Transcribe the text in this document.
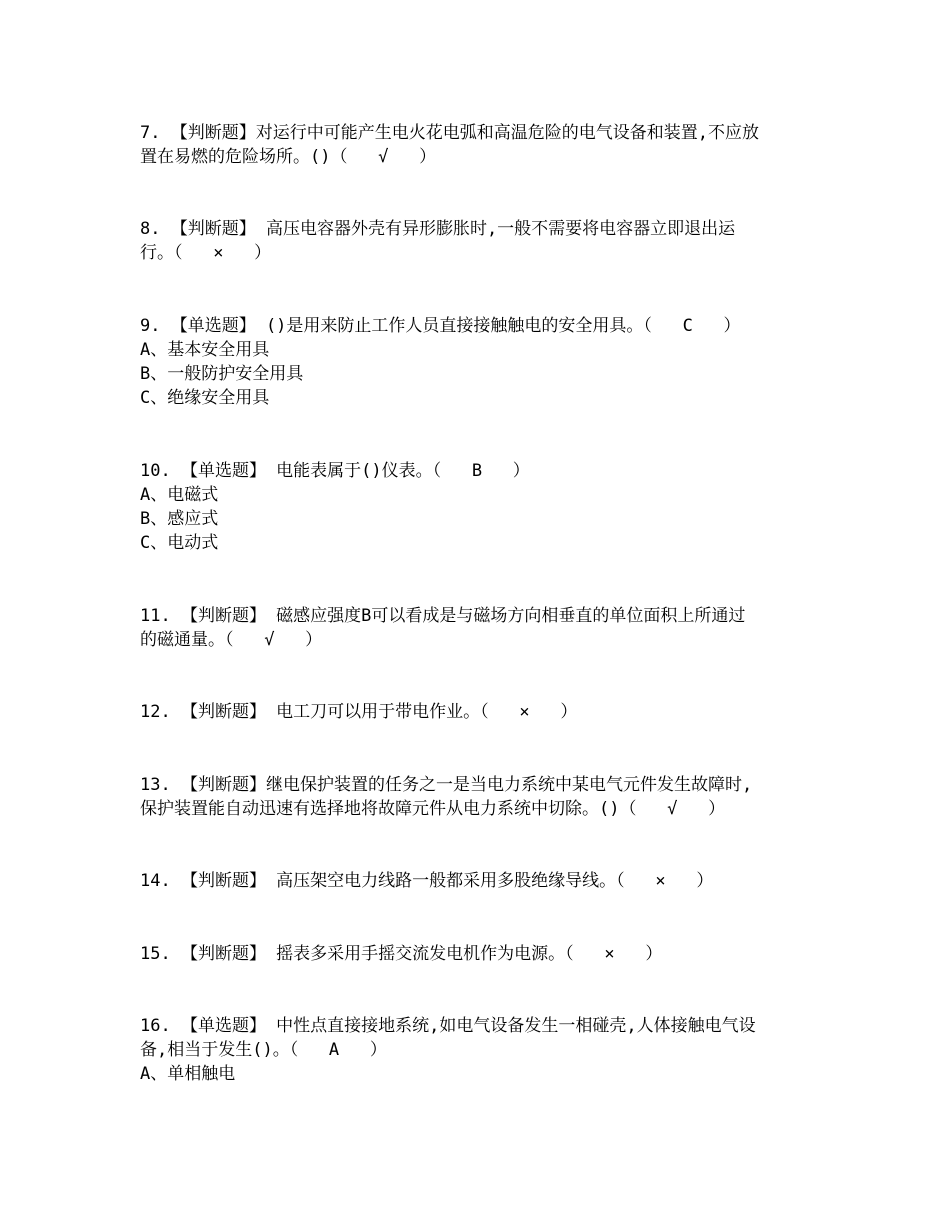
7. 【判断题】对运行中可能产生电火花电弧和高温危险的电气设备和装置,不应放
置在易燃的危险场所。()（   √   ）
8. 【判断题】 高压电容器外壳有异形膨胀时,一般不需要将电容器立即退出运
行。（   ×   ）
9. 【单选题】 ()是用来防止工作人员直接接触触电的安全用具。（   C   ）
A、基本安全用具
B、一般防护安全用具
C、绝缘安全用具
10. 【单选题】 电能表属于()仪表。（   B   ）
A、电磁式
B、感应式
C、电动式
11. 【判断题】 磁感应强度B可以看成是与磁场方向相垂直的单位面积上所通过
的磁通量。（   √   ）
12. 【判断题】 电工刀可以用于带电作业。（   ×   ）
13. 【判断题】继电保护装置的任务之一是当电力系统中某电气元件发生故障时,
保护装置能自动迅速有选择地将故障元件从电力系统中切除。()（   √   ）
14. 【判断题】 高压架空电力线路一般都采用多股绝缘导线。（   ×   ）
15. 【判断题】 摇表多采用手摇交流发电机作为电源。（   ×   ）
16. 【单选题】 中性点直接接地系统,如电气设备发生一相碰壳,人体接触电气设
备,相当于发生()。（   A   ）
A、单相触电
